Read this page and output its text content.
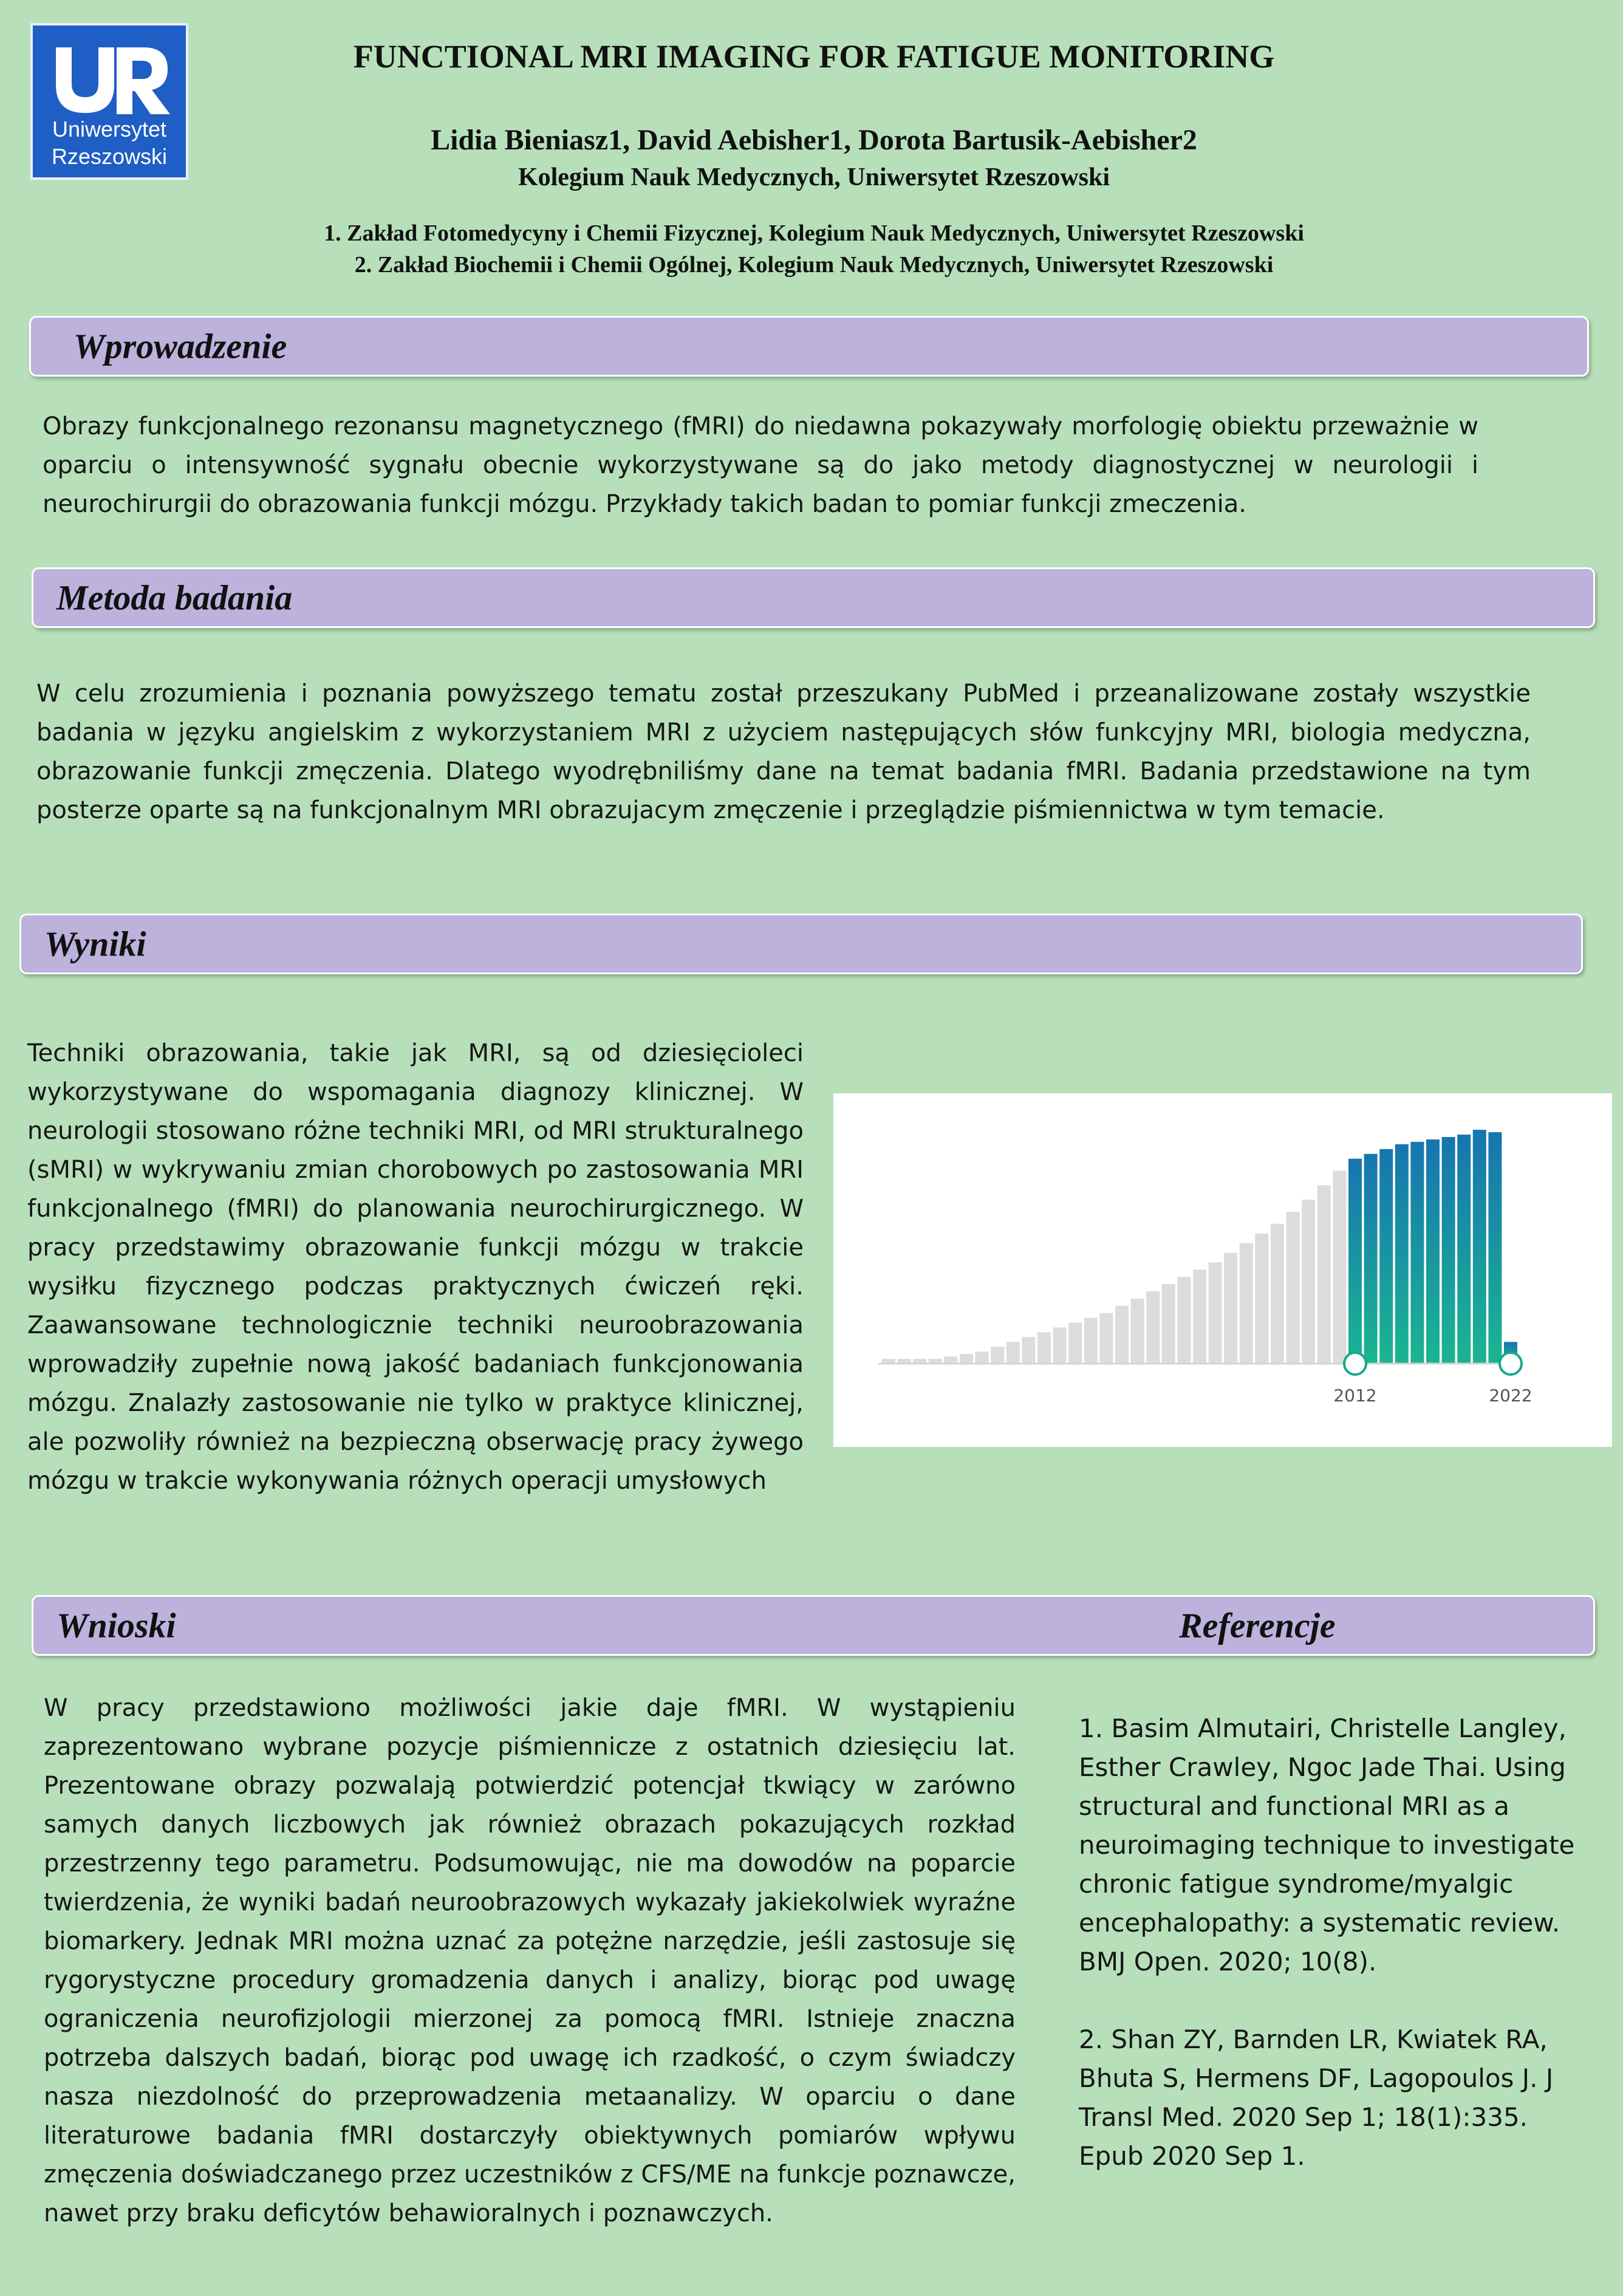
Uniwersytet
Rzeszowski
FUNCTIONAL MRI IMAGING FOR FATIGUE MONITORING
Lidia Bieniasz1, David Aebisher1, Dorota Bartusik-Aebisher2
Kolegium Nauk Medycznych, Uniwersytet Rzeszowski
1. Zakład Fotomedycyny i Chemii Fizycznej, Kolegium Nauk Medycznych, Uniwersytet Rzeszowski
2. Zakład Biochemii i Chemii Ogólnej, Kolegium Nauk Medycznych, Uniwersytet Rzeszowski
Wprowadzenie

Obrazy funkcjonalnego rezonansu magnetycznego (fMRI) do niedawna pokazywały morfologię obiektu przeważnie w oparciu o intensywność sygnału obecnie wykorzystywane są do jako metody diagnostycznej w neurologii i neurochirurgii do obrazowania funkcji mózgu. Przykłady takich badan to pomiar funkcji zmeczenia.

Metoda badania

W celu zrozumienia i poznania powyższego tematu został przeszukany PubMed i przeanalizowane zostały wszystkie badania w języku angielskim z wykorzystaniem MRI z użyciem następujących słów funkcyjny MRI, biologia medyczna, obrazowanie funkcji zmęczenia. Dlatego wyodrębniliśmy dane na temat badania fMRI. Badania przedstawione na tym posterze oparte są na funkcjonalnym MRI obrazujacym zmęczenie i przeglądzie piśmiennictwa w tym temacie.

Wyniki

Techniki obrazowania, takie jak MRI, są od dziesięcioleci wykorzystywane do wspomagania diagnozy klinicznej. W neurologii stosowano różne techniki MRI, od MRI strukturalnego (sMRI) w wykrywaniu zmian chorobowych po zastosowania MRI funkcjonalnego (fMRI) do planowania neurochirurgicznego. W pracy przedstawimy obrazowanie funkcji mózgu w trakcie wysiłku fizycznego podczas praktycznych ćwiczeń ręki. Zaawansowane technologicznie techniki neuroobrazowania wprowadziły zupełnie nową jakość badaniach funkcjonowania mózgu. Znalazły zastosowanie nie tylko w praktyce klinicznej, ale pozwoliły również na bezpieczną obserwację pracy żywego mózgu w trakcie wykonywania różnych operacji umysłowych

2012	2022
Wnioski	Referencje

W pracy przedstawiono możliwości jakie daje fMRI. W wystąpieniu zaprezentowano wybrane pozycje piśmiennicze z ostatnich dziesięciu lat. Prezentowane obrazy pozwalają potwierdzić potencjał tkwiący w zarówno samych danych liczbowych jak również obrazach pokazujących rozkład przestrzenny tego parametru. Podsumowując, nie ma dowodów na poparcie twierdzenia, że wyniki badań neuroobrazowych wykazały jakiekolwiek wyraźne biomarkery. Jednak MRI można uznać za potężne narzędzie, jeśli zastosuje się rygorystyczne procedury gromadzenia danych i analizy, biorąc pod uwagę ograniczenia neurofizjologii mierzonej za pomocą fMRI. Istnieje znaczna potrzeba dalszych badań, biorąc pod uwagę ich rzadkość, o czym świadczy nasza niezdolność do przeprowadzenia metaanalizy. W oparciu o dane literaturowe badania fMRI dostarczyły obiektywnych pomiarów wpływu zmęczenia doświadczanego przez uczestników z CFS/ME na funkcje poznawcze, nawet przy braku deficytów behawioralnych i poznawczych.

1. Basim Almutairi, Christelle Langley, Esther Crawley, Ngoc Jade Thai. Using structural and functional MRI as a neuroimaging technique to investigate chronic fatigue syndrome/myalgic encephalopathy: a systematic review. BMJ Open. 2020; 10(8).

2. Shan ZY, Barnden LR, Kwiatek RA, Bhuta S, Hermens DF, Lagopoulos J. J Transl Med. 2020 Sep 1; 18(1):335. Epub 2020 Sep 1.
